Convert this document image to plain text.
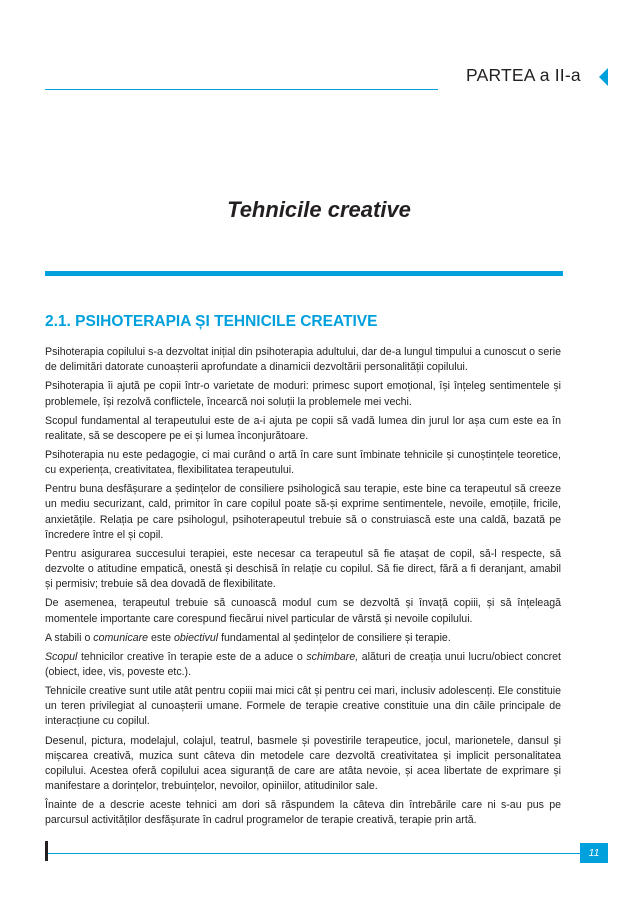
PARTEA a II-a
Tehnicile creative
2.1. PSIHOTERAPIA ȘI TEHNICILE CREATIVE

Psihoterapia copilului s-a dezvoltat inițial din psihoterapia adultului, dar de-a lungul timpului a cunoscut o serie de delimitări datorate cunoașterii aprofundate a dinamicii dezvoltării personalității copilului.

Psihoterapia îi ajută pe copii într-o varietate de moduri: primesc suport emoțional, își înțeleg sentimentele și problemele, își rezolvă conflictele, încearcă noi soluții la problemele mei vechi.

Scopul fundamental al terapeutului este de a-i ajuta pe copii să vadă lumea din jurul lor așa cum este ea în realitate, să se descopere pe ei și lumea înconjurătoare.

Psihoterapia nu este pedagogie, ci mai curând o artă în care sunt îmbinate tehnicile și cunoștințele teoretice, cu experiența, creativitatea, flexibilitatea terapeutului.

Pentru buna desfășurare a ședințelor de consiliere psihologică sau terapie, este bine ca terapeutul să creeze un mediu securizant, cald, primitor în care copilul poate să-și exprime sentimentele, nevoile, emoțiile, fricile, anxietățile. Relația pe care psihologul, psihoterapeutul trebuie să o construiască este una caldă, bazată pe încredere între el și copil.

Pentru asigurarea succesului terapiei, este necesar ca terapeutul să fie atașat de copil, să-l respecte, să dezvolte o atitudine empatică, onestă și deschisă în relație cu copilul. Să fie direct, fără a fi deranjant, amabil și permisiv; trebuie să dea dovadă de flexibilitate.

De asemenea, terapeutul trebuie să cunoască modul cum se dezvoltă și învață copiii, și să înțeleagă momentele importante care corespund fiecărui nivel particular de vârstă și nevoile copilului.

A stabili o comunicare este obiectivul fundamental al ședințelor de consiliere și terapie.

Scopul tehnicilor creative în terapie este de a aduce o schimbare, alături de creația unui lucru/obiect concret (obiect, idee, vis, poveste etc.).

Tehnicile creative sunt utile atât pentru copiii mai mici cât și pentru cei mari, inclusiv adolescenți. Ele constituie un teren privilegiat al cunoașterii umane. Formele de terapie creative constituie una din căile principale de interacțiune cu copilul.

Desenul, pictura, modelajul, colajul, teatrul, basmele și povestirile terapeutice, jocul, marionetele, dansul și mișcarea creativă, muzica sunt câteva din metodele care dezvoltă creativitatea și implicit personalitatea copilului. Acestea oferă copilului acea siguranță de care are atâta nevoie, și acea libertate de exprimare și manifestare a dorințelor, trebuințelor, nevoilor, opiniilor, atitudinilor sale.

Înainte de a descrie aceste tehnici am dori să răspundem la câteva din întrebările care ni s-au pus pe parcursul activităților desfășurate în cadrul programelor de terapie creativă, terapie prin artă.

11
